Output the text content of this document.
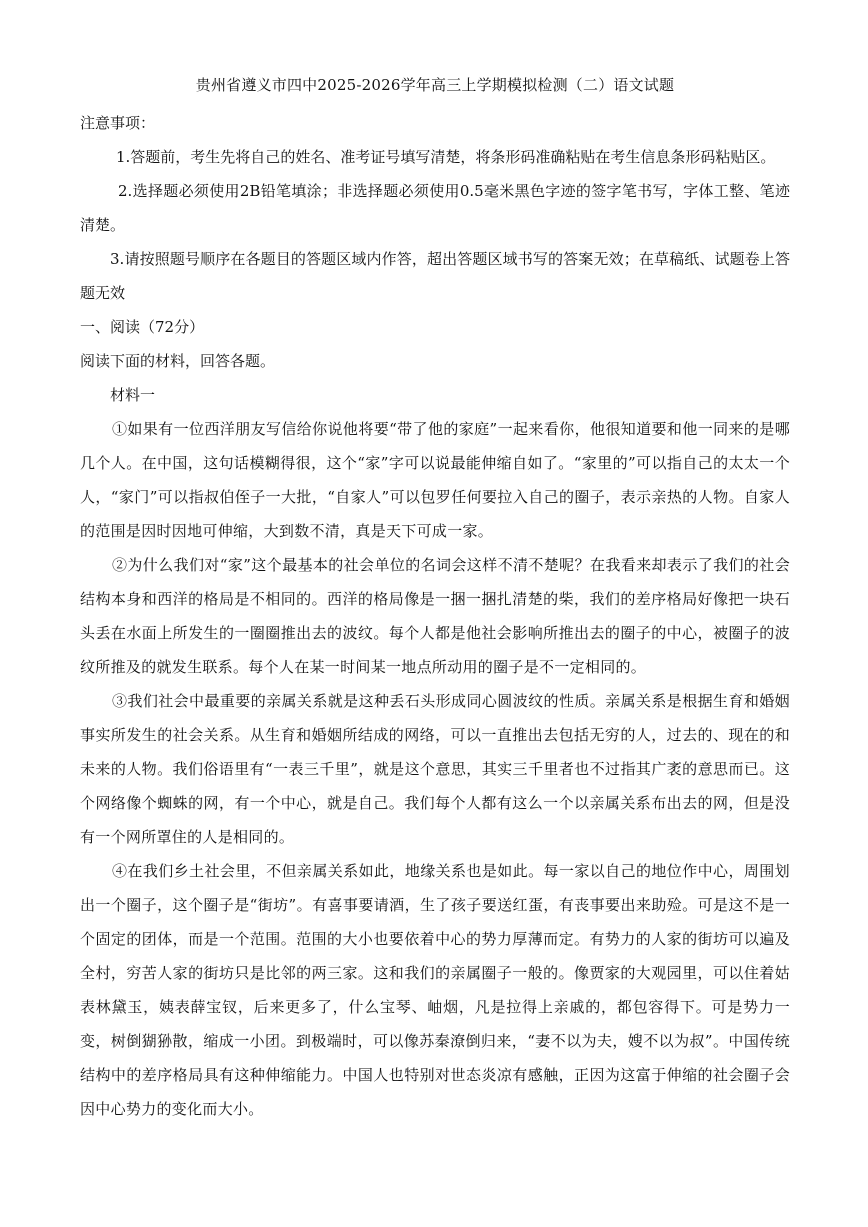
贵州省遵义市四中2025-2026学年高三上学期模拟检测（二）语文试题

注意事项：

1.答题前，考生先将自己的姓名、准考证号填写清楚，将条形码准确粘贴在考生信息条形码粘贴区。

2.选择题必须使用2B铅笔填涂；非选择题必须使用0.5毫米黑色字迹的签字笔书写，字体工整、笔迹清楚。

3.请按照题号顺序在各题目的答题区域内作答，超出答题区域书写的答案无效；在草稿纸、试题卷上答题无效

一、阅读（72分）

阅读下面的材料，回答各题。

材料一

①如果有一位西洋朋友写信给你说他将要“带了他的家庭”一起来看你，他很知道要和他一同来的是哪几个人。在中国，这句话模糊得很，这个“家”字可以说最能伸缩自如了。“家里的”可以指自己的太太一个人，“家门”可以指叔伯侄子一大批，“自家人”可以包罗任何要拉入自己的圈子，表示亲热的人物。自家人的范围是因时因地可伸缩，大到数不清，真是天下可成一家。

②为什么我们对“家”这个最基本的社会单位的名词会这样不清不楚呢？在我看来却表示了我们的社会结构本身和西洋的格局是不相同的。西洋的格局像是一捆一捆扎清楚的柴，我们的差序格局好像把一块石头丢在水面上所发生的一圈圈推出去的波纹。每个人都是他社会影响所推出去的圈子的中心，被圈子的波纹所推及的就发生联系。每个人在某一时间某一地点所动用的圈子是不一定相同的。

③我们社会中最重要的亲属关系就是这种丢石头形成同心圆波纹的性质。亲属关系是根据生育和婚姻事实所发生的社会关系。从生育和婚姻所结成的网络，可以一直推出去包括无穷的人，过去的、现在的和未来的人物。我们俗语里有“一表三千里”，就是这个意思，其实三千里者也不过指其广袤的意思而已。这个网络像个蜘蛛的网，有一个中心，就是自己。我们每个人都有这么一个以亲属关系布出去的网，但是没有一个网所罩住的人是相同的。

④在我们乡土社会里，不但亲属关系如此，地缘关系也是如此。每一家以自己的地位作中心，周围划出一个圈子，这个圈子是“街坊”。有喜事要请酒，生了孩子要送红蛋，有丧事要出来助殓。可是这不是一个固定的团体，而是一个范围。范围的大小也要依着中心的势力厚薄而定。有势力的人家的街坊可以遍及全村，穷苦人家的街坊只是比邻的两三家。这和我们的亲属圈子一般的。像贾家的大观园里，可以住着姑表林黛玉，姨表薛宝钗，后来更多了，什么宝琴、岫烟，凡是拉得上亲戚的，都包容得下。可是势力一变，树倒猢狲散，缩成一小团。到极端时，可以像苏秦潦倒归来，“妻不以为夫，嫂不以为叔”。中国传统结构中的差序格局具有这种伸缩能力。中国人也特别对世态炎凉有感触，正因为这富于伸缩的社会圈子会因中心势力的变化而大小。
